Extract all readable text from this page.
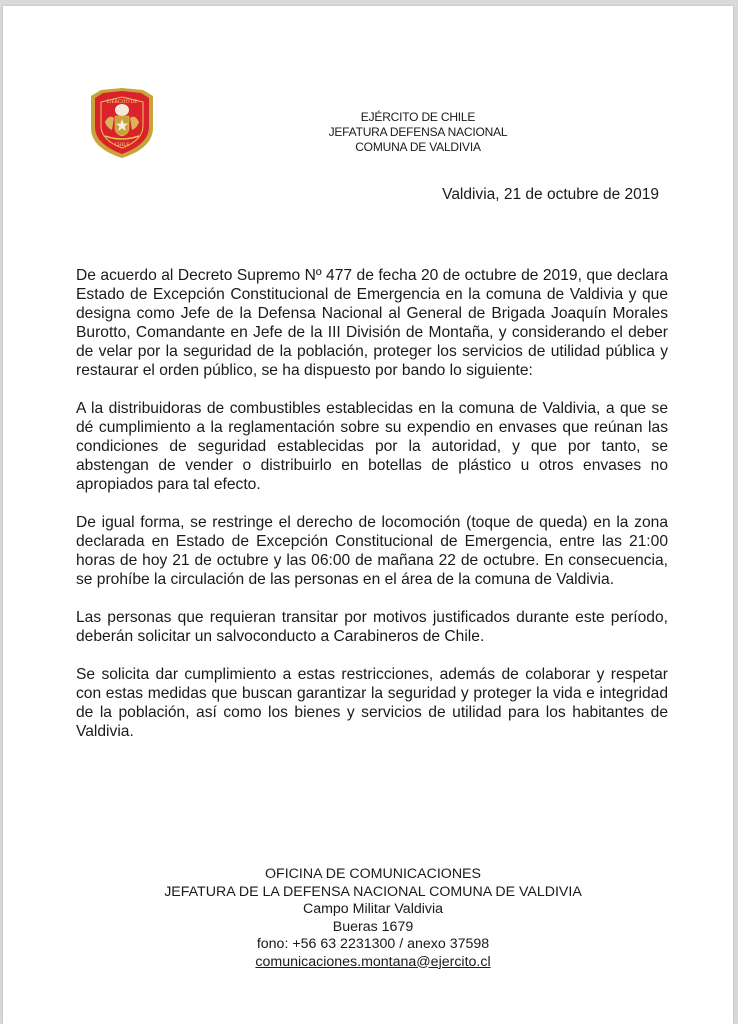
EJÉRCITO DE
CHILE
EJÉRCITO DE CHILE
JEFATURA DEFENSA NACIONAL
COMUNA DE VALDIVIA
Valdivia, 21 de octubre de 2019

De acuerdo al Decreto Supremo Nº 477 de fecha 20 de octubre de 2019, que declara Estado de Excepción Constitucional de Emergencia en la comuna de Valdivia y que designa como Jefe de la Defensa Nacional al General de Brigada Joaquín Morales Burotto, Comandante en Jefe de la III División de Montaña, y considerando el deber de velar por la seguridad de la población, proteger los servicios de utilidad pública y restaurar el orden público, se ha dispuesto por bando lo siguiente:

A la distribuidoras de combustibles establecidas en la comuna de Valdivia, a que se dé cumplimiento a la reglamentación sobre su expendio en envases que reúnan las condiciones de seguridad establecidas por la autoridad, y que por tanto, se abstengan de vender o distribuirlo en botellas de plástico u otros envases no apropiados para tal efecto.

De igual forma, se restringe el derecho de locomoción (toque de queda) en la zona declarada en Estado de Excepción Constitucional de Emergencia, entre las 21:00 horas de hoy 21 de octubre y las 06:00 de mañana 22 de octubre. En consecuencia, se prohíbe la circulación de las personas en el área de la comuna de Valdivia.

Las personas que requieran transitar por motivos justificados durante este período, deberán solicitar un salvoconducto a Carabineros de Chile.

Se solicita dar cumplimiento a estas restricciones, además de colaborar y respetar con estas medidas que buscan garantizar la seguridad y proteger la vida e integridad de la población, así como los bienes y servicios de utilidad para los habitantes de Valdivia.

OFICINA DE COMUNICACIONES
JEFATURA DE LA DEFENSA NACIONAL COMUNA DE VALDIVIA
Campo Militar Valdivia
Bueras 1679
fono: +56 63 2231300 / anexo 37598
comunicaciones.montana@ejercito.cl
